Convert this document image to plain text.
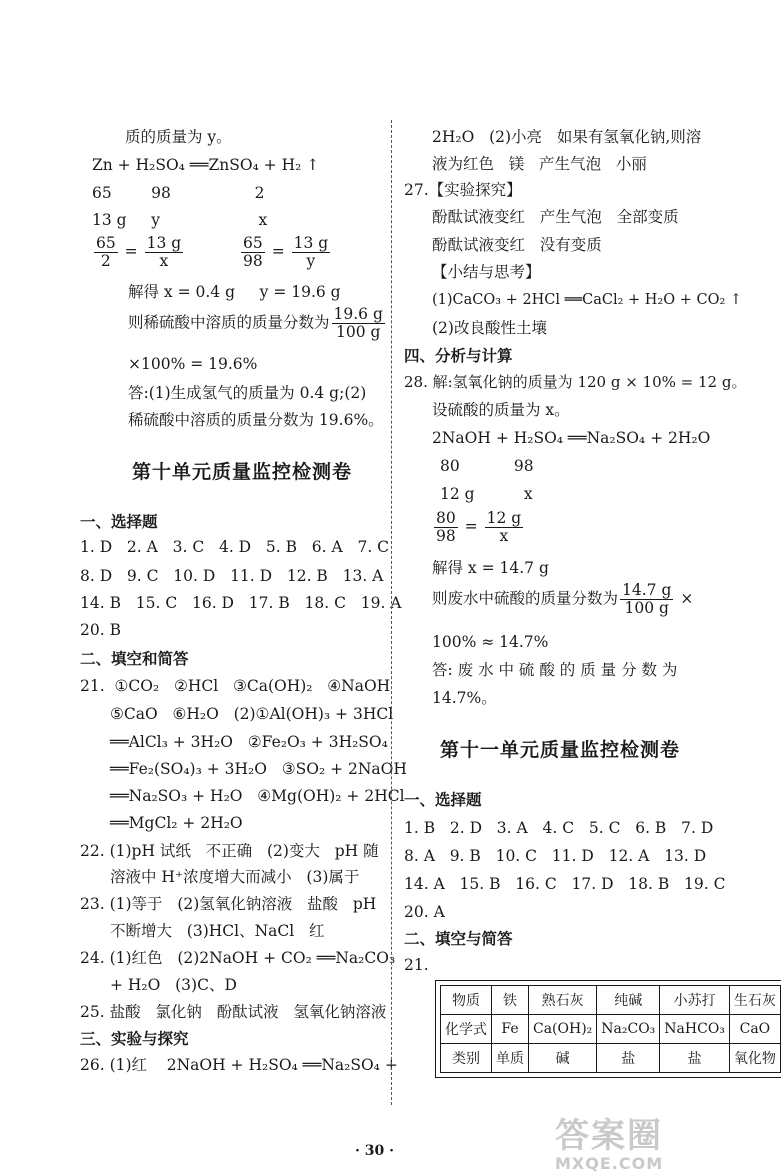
质的质量为 y。
Zn + H₂SO₄ ══ZnSO₄ + H₂ ↑
65        98                 2
13 g     y                    x
$\frac{65}{2} = \frac{13 g}{x}$
	$\frac{65}{98} = \frac{13 g}{y}$
解得 x = 0.4 g     y = 19.6 g
则稀硫酸中溶质的质量分数为 $\frac{19.6 g}{100 g}$
×100% = 19.6%
答:(1)生成氢气的质量为 0.4 g;(2)
稀硫酸中溶质的质量分数为 19.6%。
第十单元质量监控检测卷
一、选择题
1. D   2. A   3. C   4. D   5. B   6. A   7. C
8. D   9. C   10. D   11. D   12. B   13. A
14. B   15. C   16. D   17. B   18. C   19. A
20. B
二、填空和简答
21.  ①CO₂   ②HCl   ③Ca(OH)₂   ④NaOH
⑤CaO   ⑥H₂O   (2)①Al(OH)₃ + 3HCl
══AlCl₃ + 3H₂O   ②Fe₂O₃ + 3H₂SO₄
══Fe₂(SO₄)₃ + 3H₂O   ③SO₂ + 2NaOH
══Na₂SO₃ + H₂O   ④Mg(OH)₂ + 2HCl
══MgCl₂ + 2H₂O
22. (1)pH 试纸   不正确   (2)变大   pH 随
溶液中 H⁺浓度增大而减小   (3)属于
23. (1)等于   (2)氢氧化钠溶液   盐酸   pH
不断增大   (3)HCl、NaCl   红
24. (1)红色   (2)2NaOH + CO₂ ══Na₂CO₃
+ H₂O   (3)C、D
25. 盐酸   氯化钠   酚酞试液   氢氧化钠溶液
三、实验与探究
26. (1)红    2NaOH + H₂SO₄ ══Na₂SO₄ +
2H₂O   (2)小亮   如果有氢氧化钠,则溶
液为红色   镁   产生气泡   小丽
27.【实验探究】
酚酞试液变红   产生气泡   全部变质
酚酞试液变红   没有变质
【小结与思考】
(1)CaCO₃ + 2HCl ══CaCl₂ + H₂O + CO₂ ↑
(2)改良酸性土壤
四、分析与计算
28. 解:氢氧化钠的质量为 120 g × 10% = 12 g。
设硫酸的质量为 x。
2NaOH + H₂SO₄ ══Na₂SO₄ + 2H₂O
80           98
12 g          x
$\frac{80}{98} = \frac{12 g}{x}$
解得 x = 14.7 g
则废水中硫酸的质量分数为 $\frac{14.7 g}{100 g}$ ×
100% ≈ 14.7%
答: 废 水 中 硫 酸 的 质 量 分 数 为
14.7%。
第十一单元质量监控检测卷
一、选择题
1. B   2. D   3. A   4. C   5. C   6. B   7. D
8. A   9. B   10. C   11. D   12. A   13. D
14. A   15. B   16. C   17. D   18. B   19. C
20. A
二、填空与简答
21.
物质	铁	熟石灰	纯碱	小苏打	生石灰
化学式	Fe	Ca(OH)₂	Na₂CO₃	NaHCO₃	CaO
类别	单质	碱	盐	盐	氧化物
· 30 ·	答案圈
MXQE.COM
